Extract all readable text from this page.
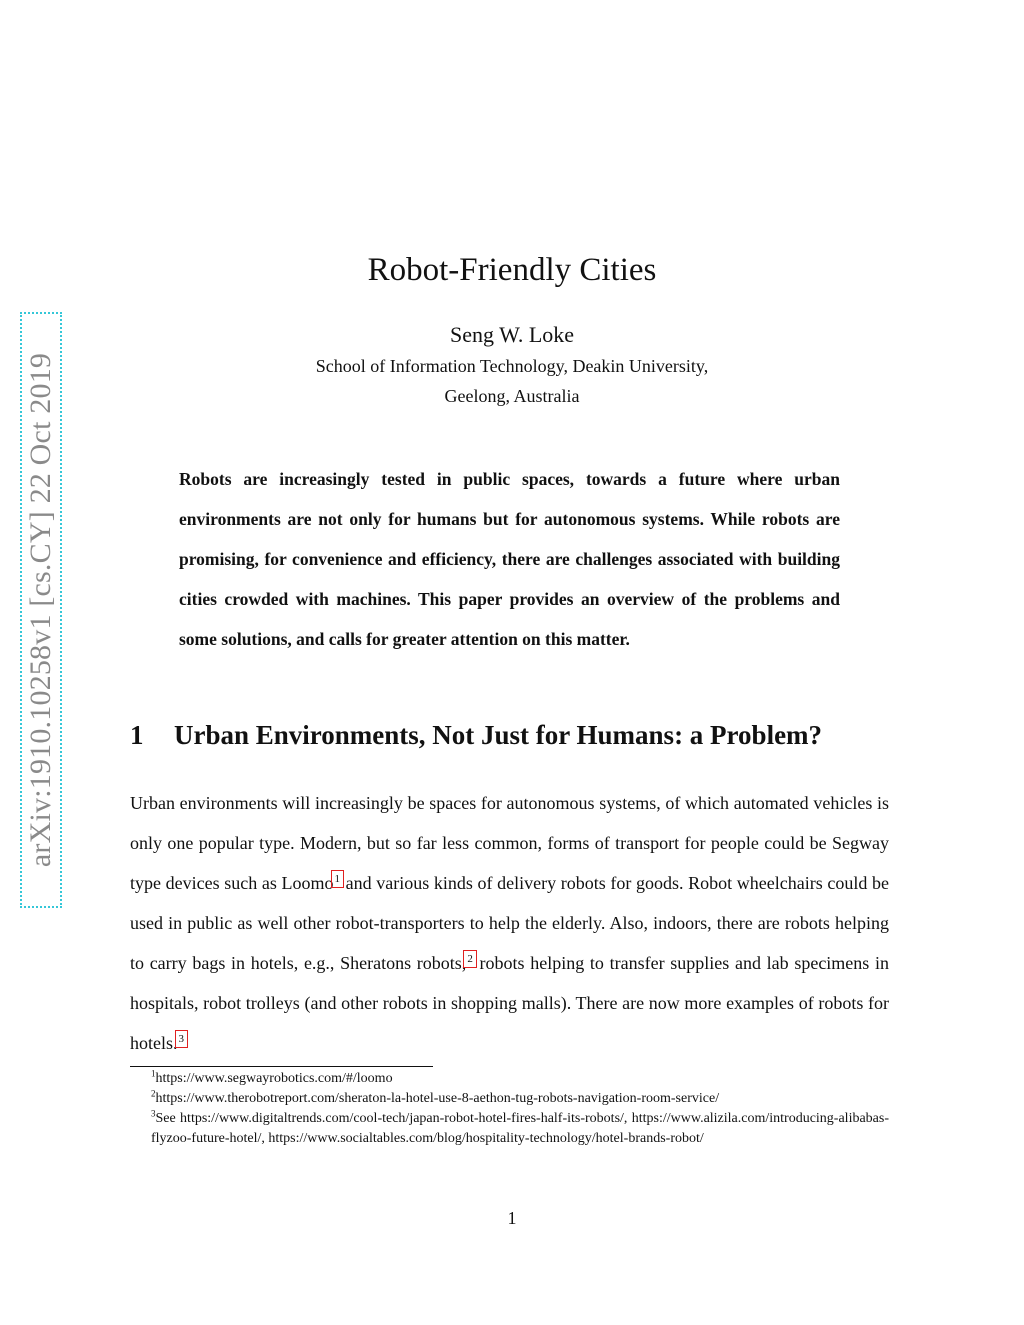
arXiv:1910.10258v1 [cs.CY] 22 Oct 2019
Robot-Friendly Cities
Seng W. Loke
School of Information Technology, Deakin University,
Geelong, Australia
Robots are increasingly tested in public spaces, towards a future where urban environments are not only for humans but for autonomous systems. While robots are promising, for convenience and efficiency, there are challenges associated with building cities crowded with machines. This paper provides an overview of the problems and some solutions, and calls for greater attention on this matter.
1 Urban Environments, Not Just for Humans: a Problem?
Urban environments will increasingly be spaces for autonomous systems, of which automated vehicles is only one popular type. Modern, but so far less common, forms of transport for people could be Segway type devices such as Loomo$^1$ and various kinds of delivery robots for goods. Robot wheelchairs could be used in public as well other robot-transporters to help the elderly. Also, indoors, there are robots helping to carry bags in hotels, e.g., Sheratons robots,$^2$ robots helping to transfer supplies and lab specimens in hospitals, robot trolleys (and other robots in shopping malls). There are now more examples of robots for hotels.$^3$

$^1$https://www.segwayrobotics.com/#/loomo

$^2$https://www.therobotreport.com/sheraton-la-hotel-use-8-aethon-tug-robots-navigation-room-service/

$^3$See https://www.digitaltrends.com/cool-tech/japan-robot-hotel-fires-half-its-robots/, https://www.alizila.com/introducing-alibabas-flyzoo-future-hotel/, https://www.socialtables.com/blog/hospitality-technology/hotel-brands-robot/

1
